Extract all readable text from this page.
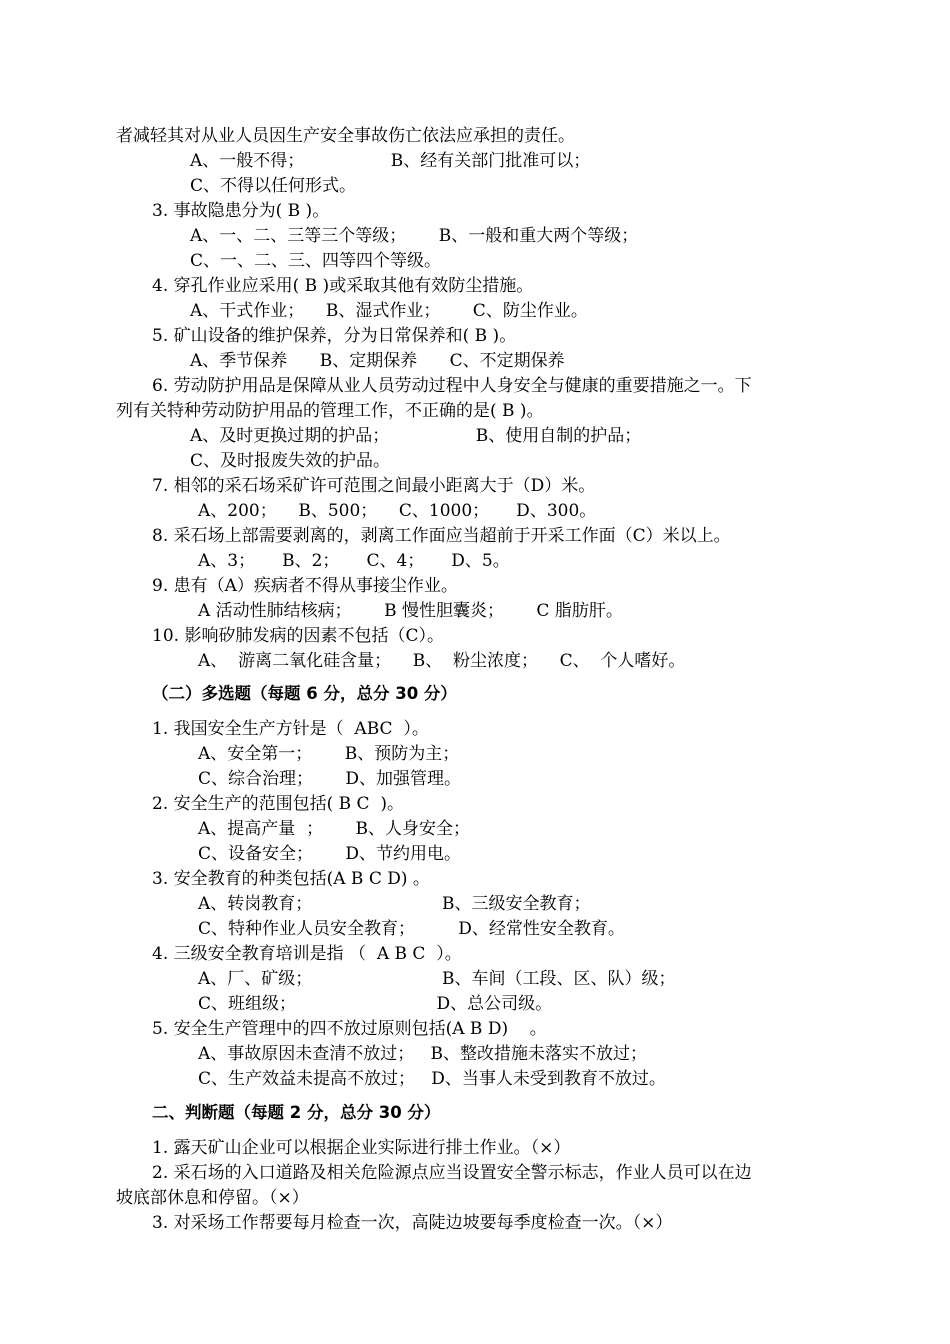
者减轻其对从业人员因生产安全事故伤亡依法应承担的责任。
A、一般不得；                B、经有关部门批准可以；
C、不得以任何形式。
3. 事故隐患分为( B )。
A、一、二、三等三个等级；      B、一般和重大两个等级；
C、一、二、三、四等四个等级。
4. 穿孔作业应采用( B )或采取其他有效防尘措施。
A、干式作业；    B、湿式作业；      C、防尘作业。
5. 矿山设备的维护保养，分为日常保养和( B )。
A、季节保养      B、定期保养      C、不定期保养
6. 劳动防护用品是保障从业人员劳动过程中人身安全与健康的重要措施之一。下
列有关特种劳动防护用品的管理工作，不正确的是( B )。
A、及时更换过期的护品；                B、使用自制的护品；
C、及时报废失效的护品。
7. 相邻的采石场采矿许可范围之间最小距离大于（D）米。
A、200；    B、500；    C、1000；     D、300。
8. 采石场上部需要剥离的，剥离工作面应当超前于开采工作面（C）米以上。
A、3；     B、2；     C、4；     D、5。
9. 患有（A）疾病者不得从事接尘作业。
A 活动性肺结核病；      B 慢性胆囊炎；      C 脂肪肝。
10. 影响矽肺发病的因素不包括（C）。
A、  游离二氧化硅含量；    B、  粉尘浓度；    C、  个人嗜好。
（二）多选题（每题 6 分，总分 30 分）
1. 我国安全生产方针是（  ABC  ）。
A、安全第一；      B、预防为主；
C、综合治理；      D、加强管理。
2. 安全生产的范围包括( B C  )。
A、提高产量  ；      B、人身安全；
C、设备安全；      D、节约用电。
3. 安全教育的种类包括(A B C D) 。
A、转岗教育；                        B、三级安全教育；
C、特种作业人员安全教育；        D、经常性安全教育。
4. 三级安全教育培训是指 （  A B C  ）。
A、厂、矿级；                        B、车间（工段、区、队）级；
C、班组级；                          D、总公司级。
5. 安全生产管理中的四不放过原则包括(A B D)    。
A、事故原因未查清不放过；   B、整改措施未落实不放过；
C、生产效益未提高不放过；   D、当事人未受到教育不放过。
二、判断题（每题 2 分，总分 30 分）
1. 露天矿山企业可以根据企业实际进行排土作业。（×）
2. 采石场的入口道路及相关危险源点应当设置安全警示标志，作业人员可以在边
坡底部休息和停留。（×）
3. 对采场工作帮要每月检查一次，高陡边坡要每季度检查一次。（×）
